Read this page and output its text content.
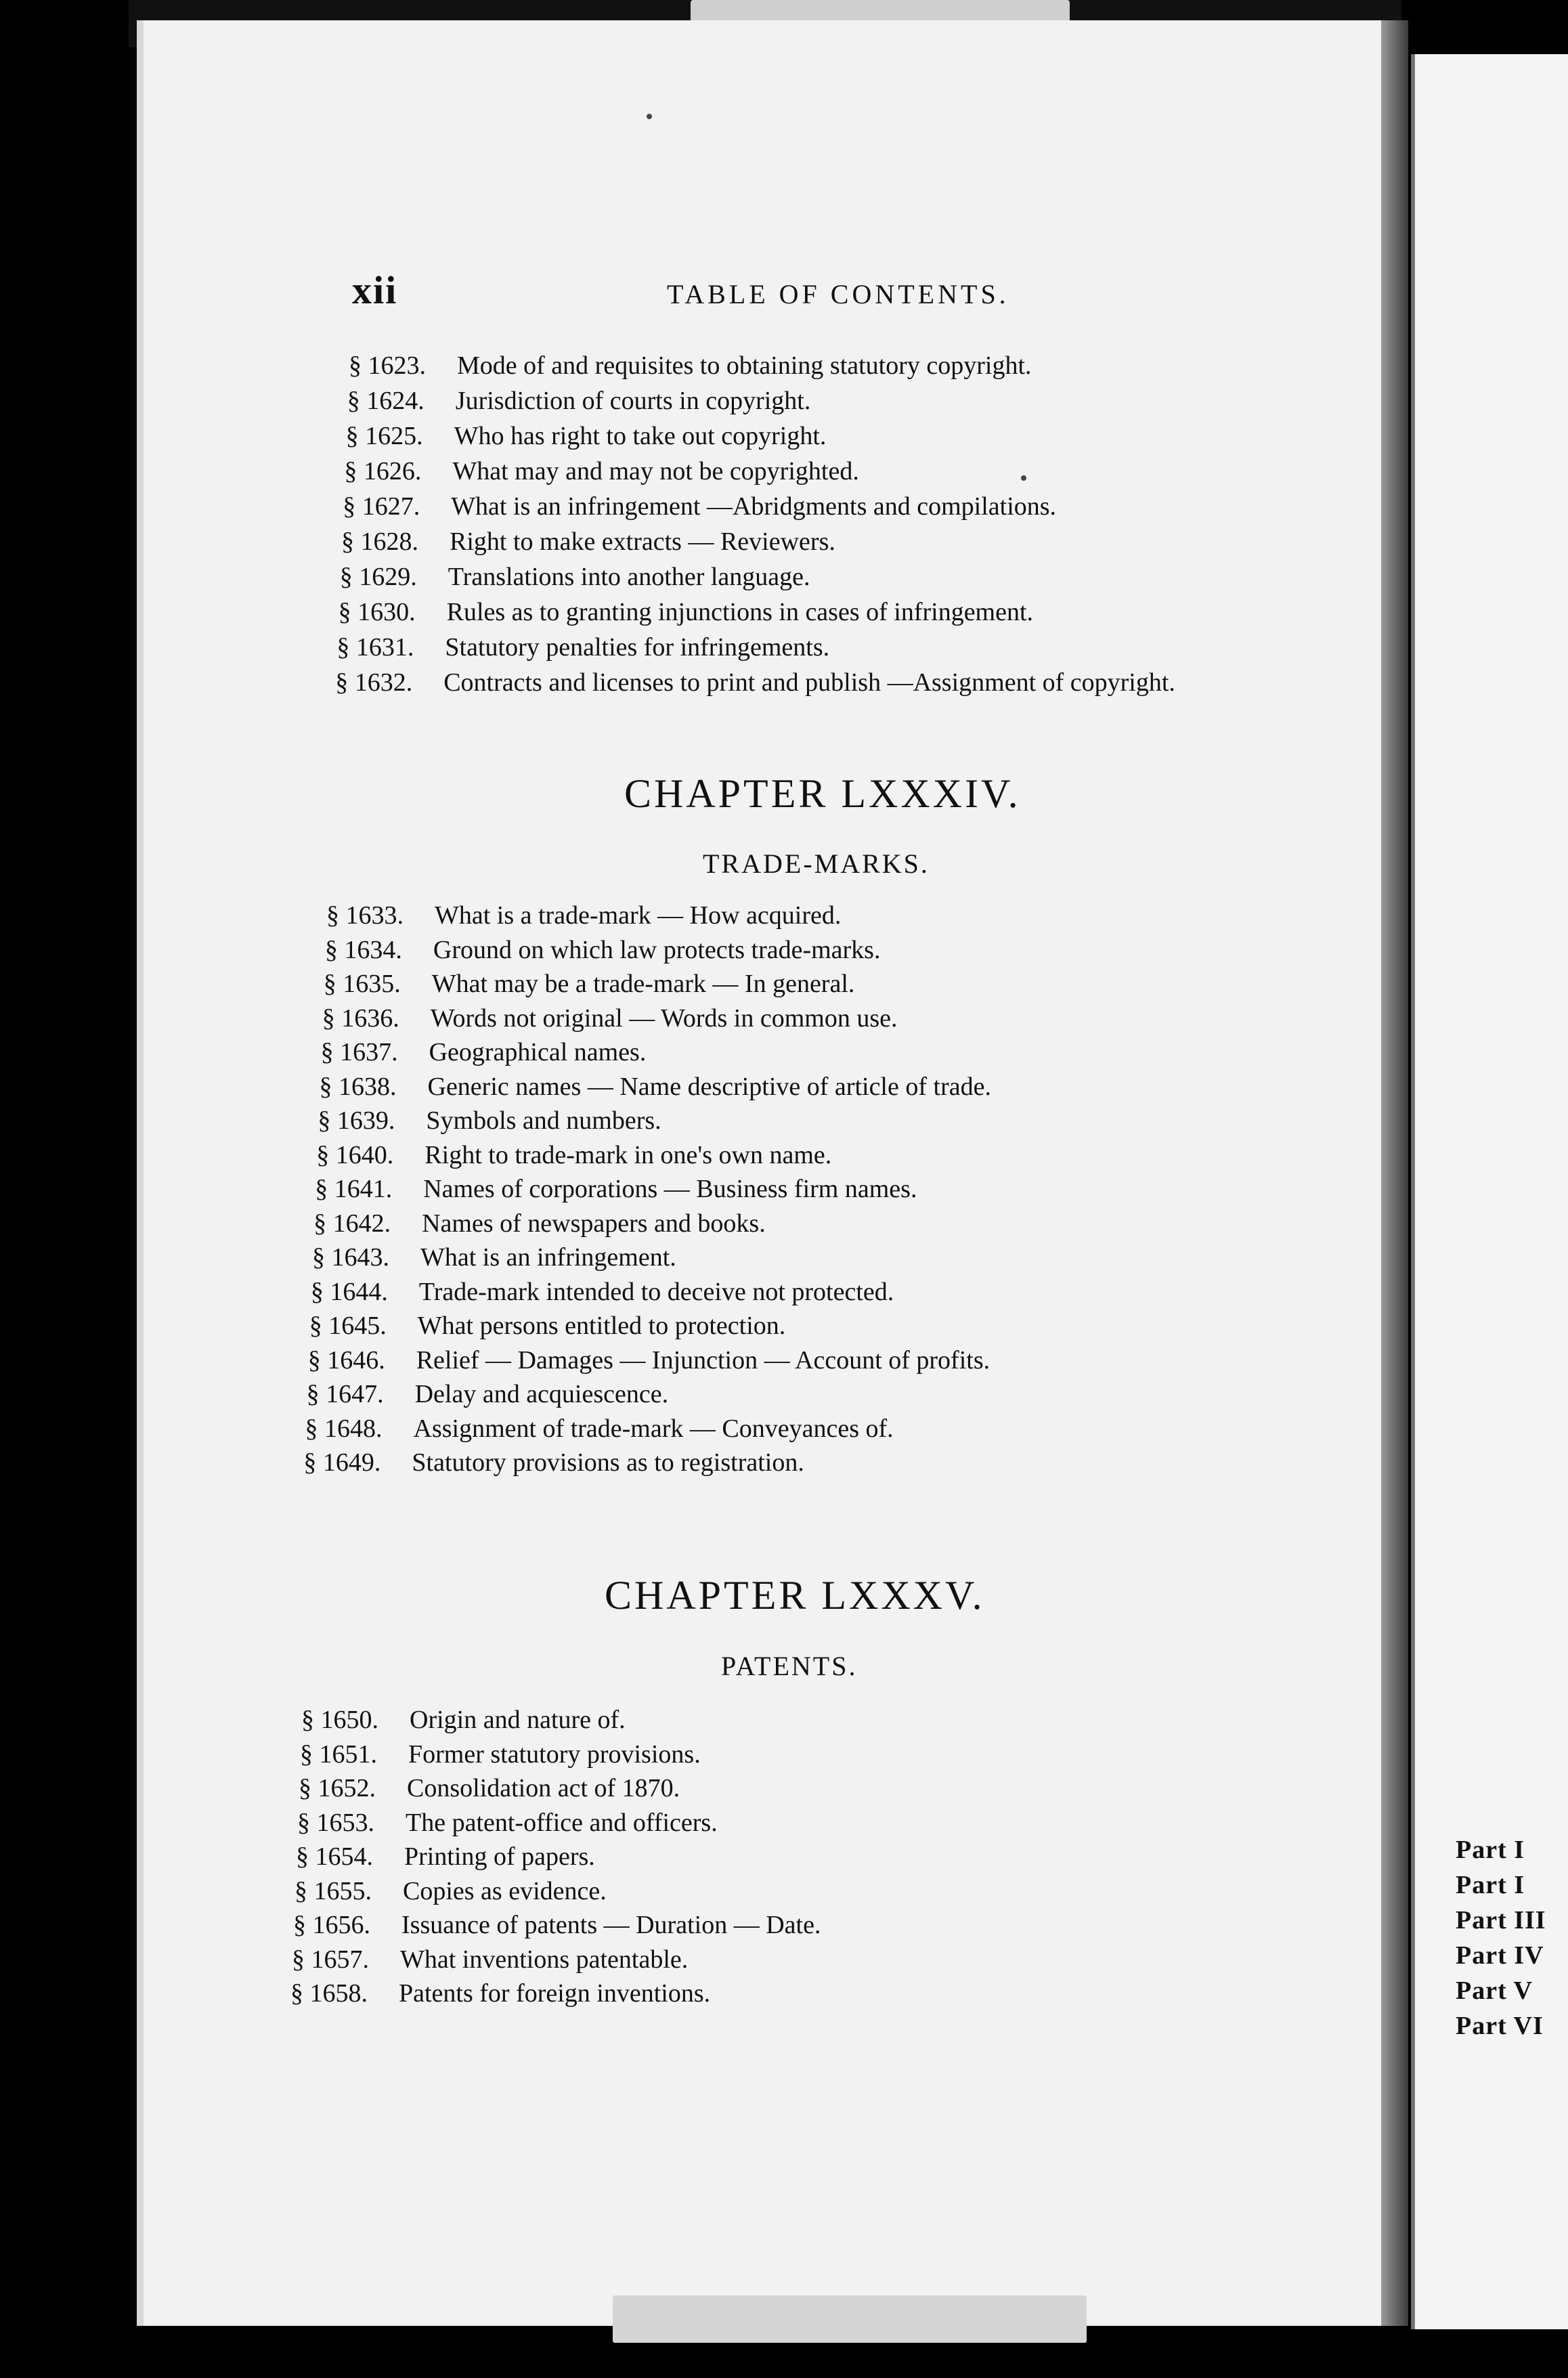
xii	TABLE OF CONTENTS.
§ 1623. Mode of and requisites to obtaining statutory copyright.
§ 1624. Jurisdiction of courts in copyright.
§ 1625. Who has right to take out copyright.
§ 1626. What may and may not be copyrighted.
§ 1627. What is an infringement —Abridgments and compilations.
§ 1628. Right to make extracts — Reviewers.
§ 1629. Translations into another language.
§ 1630. Rules as to granting injunctions in cases of infringement.
§ 1631. Statutory penalties for infringements.
§ 1632. Contracts and licenses to print and publish —Assignment of copyright.
CHAPTER LXXXIV.
TRADE-MARKS.
§ 1633. What is a trade-mark — How acquired.
§ 1634. Ground on which law protects trade-marks.
§ 1635. What may be a trade-mark — In general.
§ 1636. Words not original — Words in common use.
§ 1637. Geographical names.
§ 1638. Generic names — Name descriptive of article of trade.
§ 1639. Symbols and numbers.
§ 1640. Right to trade-mark in one's own name.
§ 1641. Names of corporations — Business firm names.
§ 1642. Names of newspapers and books.
§ 1643. What is an infringement.
§ 1644. Trade-mark intended to deceive not protected.
§ 1645. What persons entitled to protection.
§ 1646. Relief — Damages — Injunction — Account of profits.
§ 1647. Delay and acquiescence.
§ 1648. Assignment of trade-mark — Conveyances of.
§ 1649. Statutory provisions as to registration.
CHAPTER LXXXV.
PATENTS.
§ 1650. Origin and nature of.
§ 1651. Former statutory provisions.
§ 1652. Consolidation act of 1870.
§ 1653. The patent-office and officers.
§ 1654. Printing of papers.
§ 1655. Copies as evidence.
§ 1656. Issuance of patents — Duration — Date.
§ 1657. What inventions patentable.
§ 1658. Patents for foreign inventions.
Part I
Part I
Part III
Part IV
Part V
Part VI
